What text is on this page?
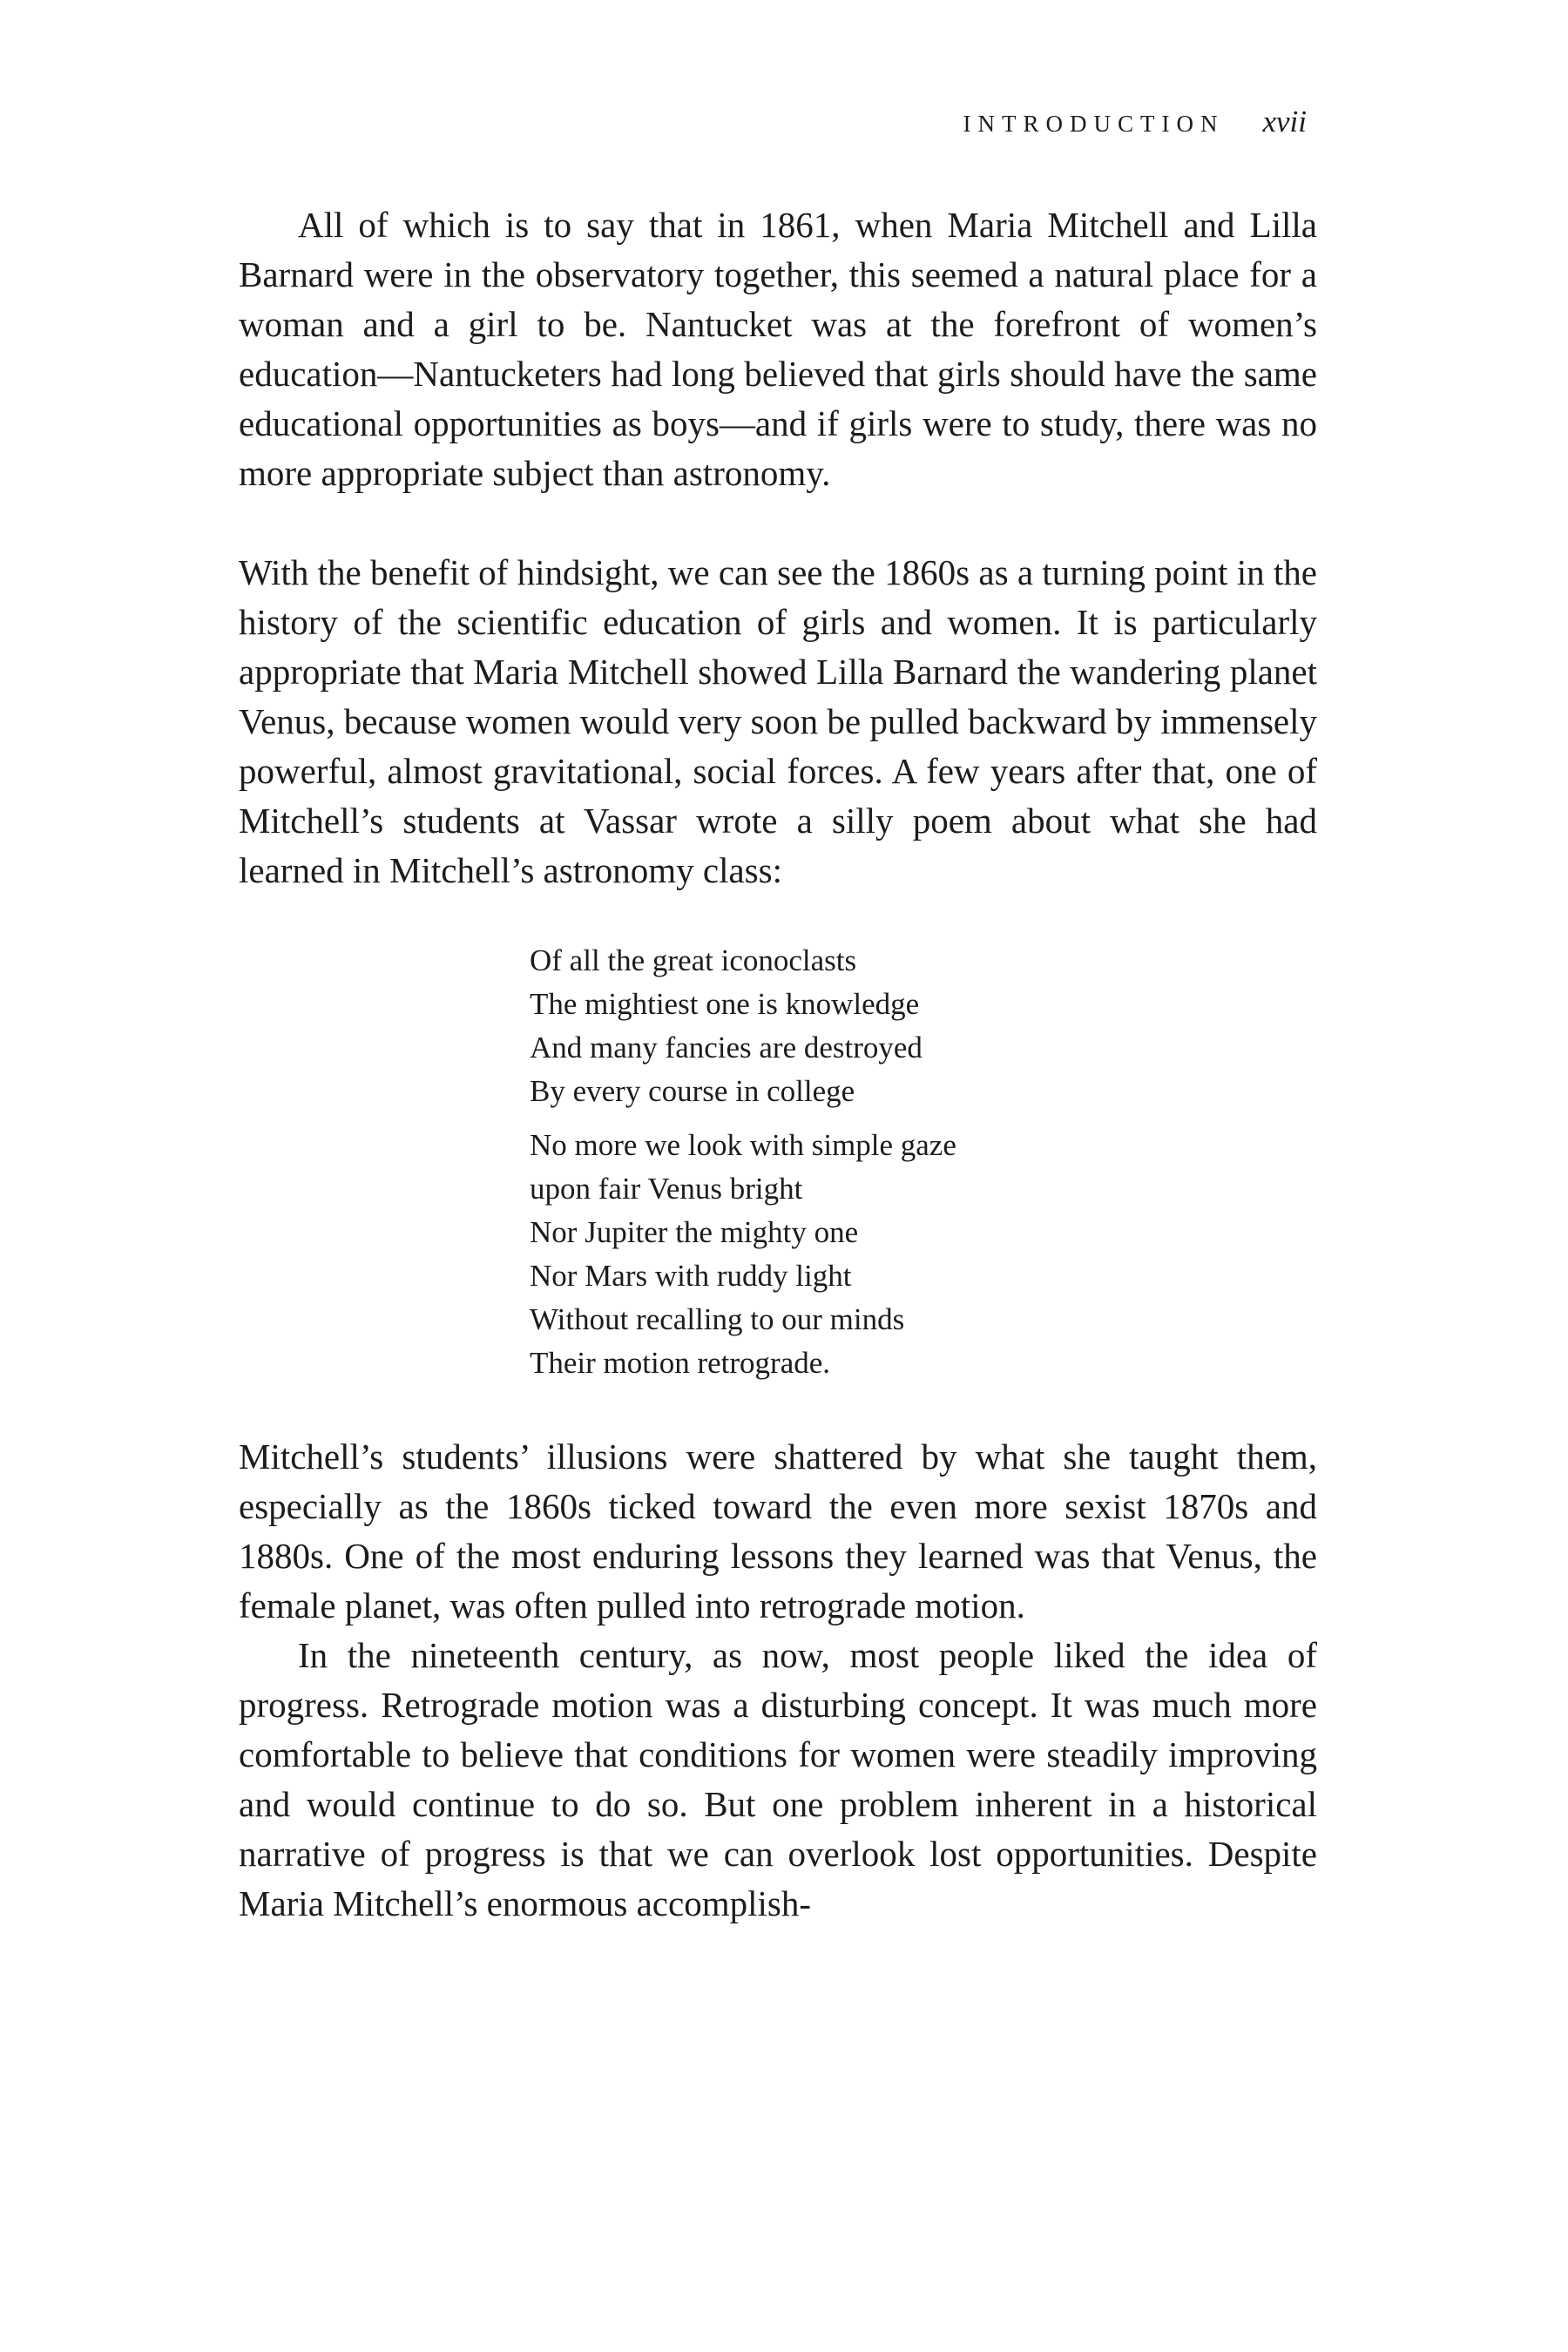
INTRODUCTION xvii

All of which is to say that in 1861, when Maria Mitchell and Lilla Barnard were in the observatory together, this seemed a natural place for a woman and a girl to be. Nantucket was at the forefront of women’s education—Nantucketers had long believed that girls should have the same educational opportunities as boys—and if girls were to study, there was no more appropriate subject than astronomy.

With the benefit of hindsight, we can see the 1860s as a turning point in the history of the scientific education of girls and women. It is particularly appropriate that Maria Mitchell showed Lilla Barnard the wandering planet Venus, because women would very soon be pulled backward by immensely powerful, almost gravitational, social forces. A few years after that, one of Mitchell’s students at Vassar wrote a silly poem about what she had learned in Mitchell’s astronomy class:

Of all the great iconoclasts
The mightiest one is knowledge
And many fancies are destroyed
By every course in college
No more we look with simple gaze
upon fair Venus bright
Nor Jupiter the mighty one
Nor Mars with ruddy light
Without recalling to our minds
Their motion retrograde.

Mitchell’s students’ illusions were shattered by what she taught them, especially as the 1860s ticked toward the even more sexist 1870s and 1880s. One of the most enduring lessons they learned was that Venus, the female planet, was often pulled into retrograde motion.

In the nineteenth century, as now, most people liked the idea of progress. Retrograde motion was a disturbing concept. It was much more comfortable to believe that conditions for women were steadily improving and would continue to do so. But one problem inherent in a historical narrative of progress is that we can overlook lost opportunities. Despite Maria Mitchell’s enormous accomplish-
